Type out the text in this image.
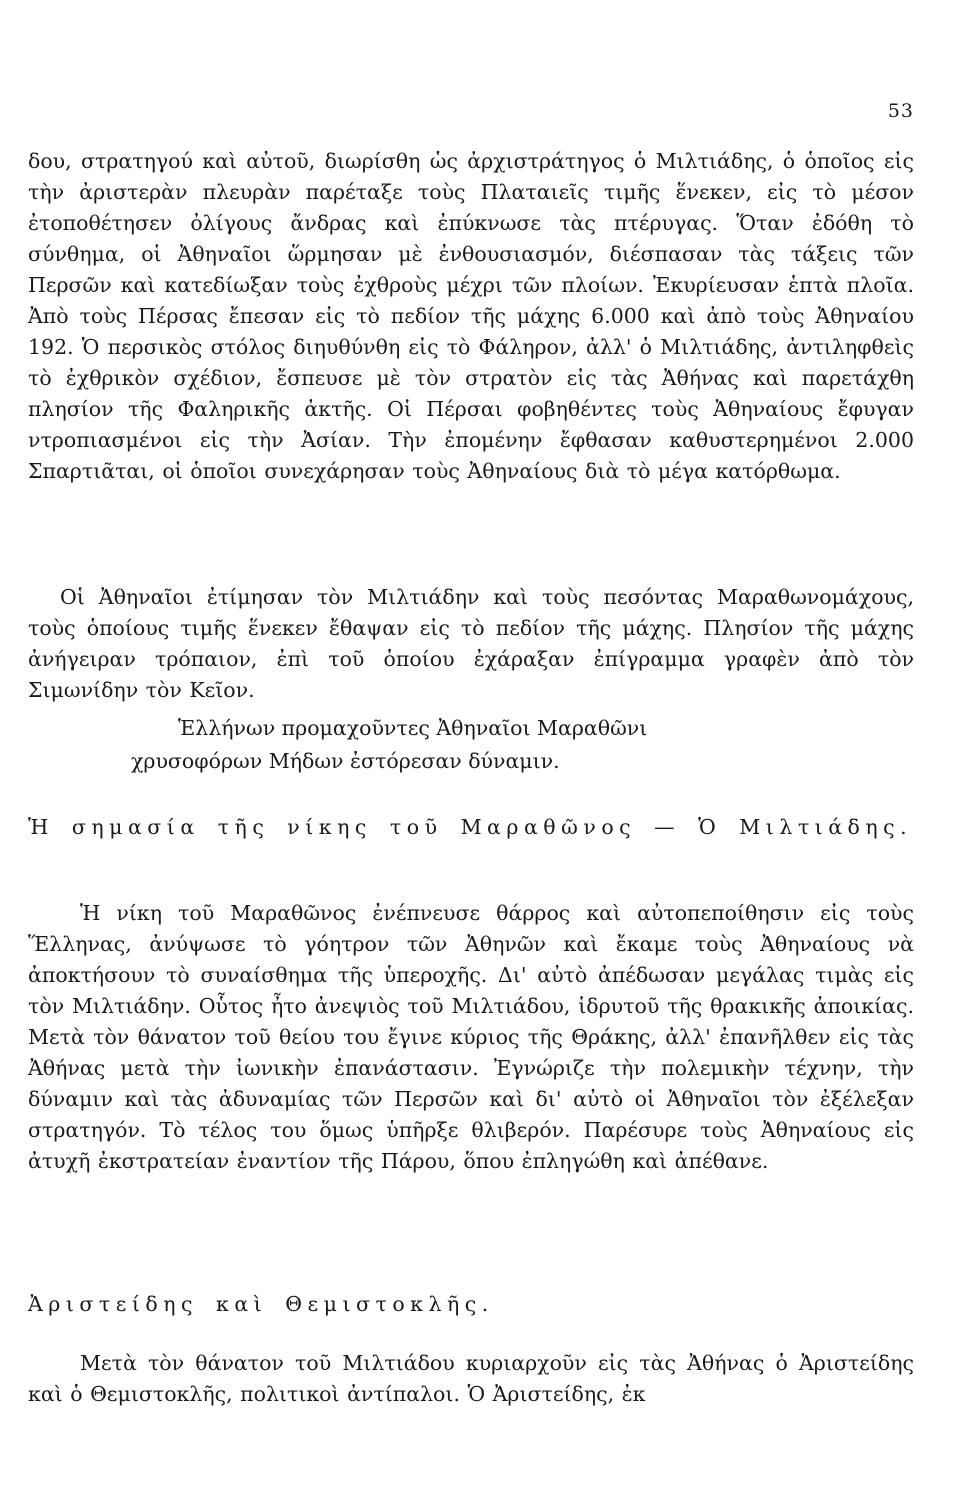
53

δου, στρατηγού καὶ αὐτοῦ, διωρίσθη ὡς ἀρχιστράτηγος ὁ Μιλτιάδης, ὁ ὁποῖος εἰς τὴν ἀριστερὰν πλευρὰν παρέταξε τοὺς Πλαταιεῖς τιμῆς ἕνεκεν, εἰς τὸ μέσον ἐτοποθέτησεν ὀλίγους ἄνδρας καὶ ἐπύκνωσε τὰς πτέρυγας. Ὅταν ἐδόθη τὸ σύνθημα, οἱ Ἀθηναῖοι ὥρμησαν μὲ ἐνθουσιασμόν, διέσπασαν τὰς τάξεις τῶν Περσῶν καὶ κατεδίωξαν τοὺς ἐχθροὺς μέχρι τῶν πλοίων. Ἐκυρίευσαν ἑπτὰ πλοῖα. Ἀπὸ τοὺς Πέρσας ἔπεσαν εἰς τὸ πεδίον τῆς μάχης 6.000 καὶ ἀπὸ τοὺς Ἀθηναίου 192. Ὁ περσικὸς στόλος διηυθύνθη εἰς τὸ Φάληρον, ἀλλ' ὁ Μιλτιάδης, ἀντιληφθεὶς τὸ ἐχθρικὸν σχέδιον, ἔσπευσε μὲ τὸν στρατὸν εἰς τὰς Ἀθήνας καὶ παρετάχθη πλησίον τῆς Φαληρικῆς ἀκτῆς. Οἱ Πέρσαι φοβηθέντες τοὺς Ἀθηναίους ἔφυγαν ντροπιασμένοι εἰς τὴν Ἀσίαν. Τὴν ἐπομένην ἔφθασαν καθυστερημένοι 2.000 Σπαρτιᾶται, οἱ ὁποῖοι συνεχάρησαν τοὺς Ἀθηναίους διὰ τὸ μέγα κατόρθωμα.

Οἱ Ἀθηναῖοι ἐτίμησαν τὸν Μιλτιάδην καὶ τοὺς πεσόντας Μαραθωνομάχους, τοὺς ὁποίους τιμῆς ἕνεκεν ἔθαψαν εἰς τὸ πεδίον τῆς μάχης. Πλησίον τῆς μάχης ἀνήγειραν τρόπαιον, ἐπὶ τοῦ ὁποίου ἐχάραξαν ἐπίγραμμα γραφὲν ἀπὸ τὸν Σιμωνίδην τὸν Κεῖον.

Ἑλλήνων προμαχοῦντες Ἀθηναῖοι Μαραθῶνι
χρυσοφόρων Μήδων ἐστόρεσαν δύναμιν.
Ἡ σημασία τῆς νίκης τοῦ Μαραθῶνος — Ὁ Μιλτιάδης.

Ἡ νίκη τοῦ Μαραθῶνος ἐνέπνευσε θάρρος καὶ αὐτοπεποίθησιν εἰς τοὺς Ἕλληνας, ἀνύψωσε τὸ γόητρον τῶν Ἀθηνῶν καὶ ἔκαμε τοὺς Ἀθηναίους νὰ ἀποκτήσουν τὸ συναίσθημα τῆς ὑπεροχῆς. Δι' αὐτὸ ἀπέδωσαν μεγάλας τιμὰς εἰς τὸν Μιλτιάδην. Οὗτος ἦτο ἀνεψιὸς τοῦ Μιλτιάδου, ἱδρυτοῦ τῆς θρακικῆς ἀποικίας. Μετὰ τὸν θάνατον τοῦ θείου του ἔγινε κύριος τῆς Θράκης, ἀλλ' ἐπανῆλθεν εἰς τὰς Ἀθήνας μετὰ τὴν ἰωνικὴν ἐπανάστασιν. Ἐγνώριζε τὴν πολεμικὴν τέχνην, τὴν δύναμιν καὶ τὰς ἀδυναμίας τῶν Περσῶν καὶ δι' αὐτὸ οἱ Ἀθηναῖοι τὸν ἐξέλεξαν στρατηγόν. Τὸ τέλος του ὅμως ὑπῆρξε θλιβερόν. Παρέσυρε τοὺς Ἀθηναίους εἰς ἀτυχῆ ἐκστρατείαν ἐναντίον τῆς Πάρου, ὅπου ἐπληγώθη καὶ ἀπέθανε.

Ἀριστείδης καὶ Θεμιστοκλῆς.

Μετὰ τὸν θάνατον τοῦ Μιλτιάδου κυριαρχοῦν εἰς τὰς Ἀθήνας ὁ Ἀριστείδης καὶ ὁ Θεμιστοκλῆς, πολιτικοὶ ἀντίπαλοι. Ὁ Ἀριστείδης, ἐκ
